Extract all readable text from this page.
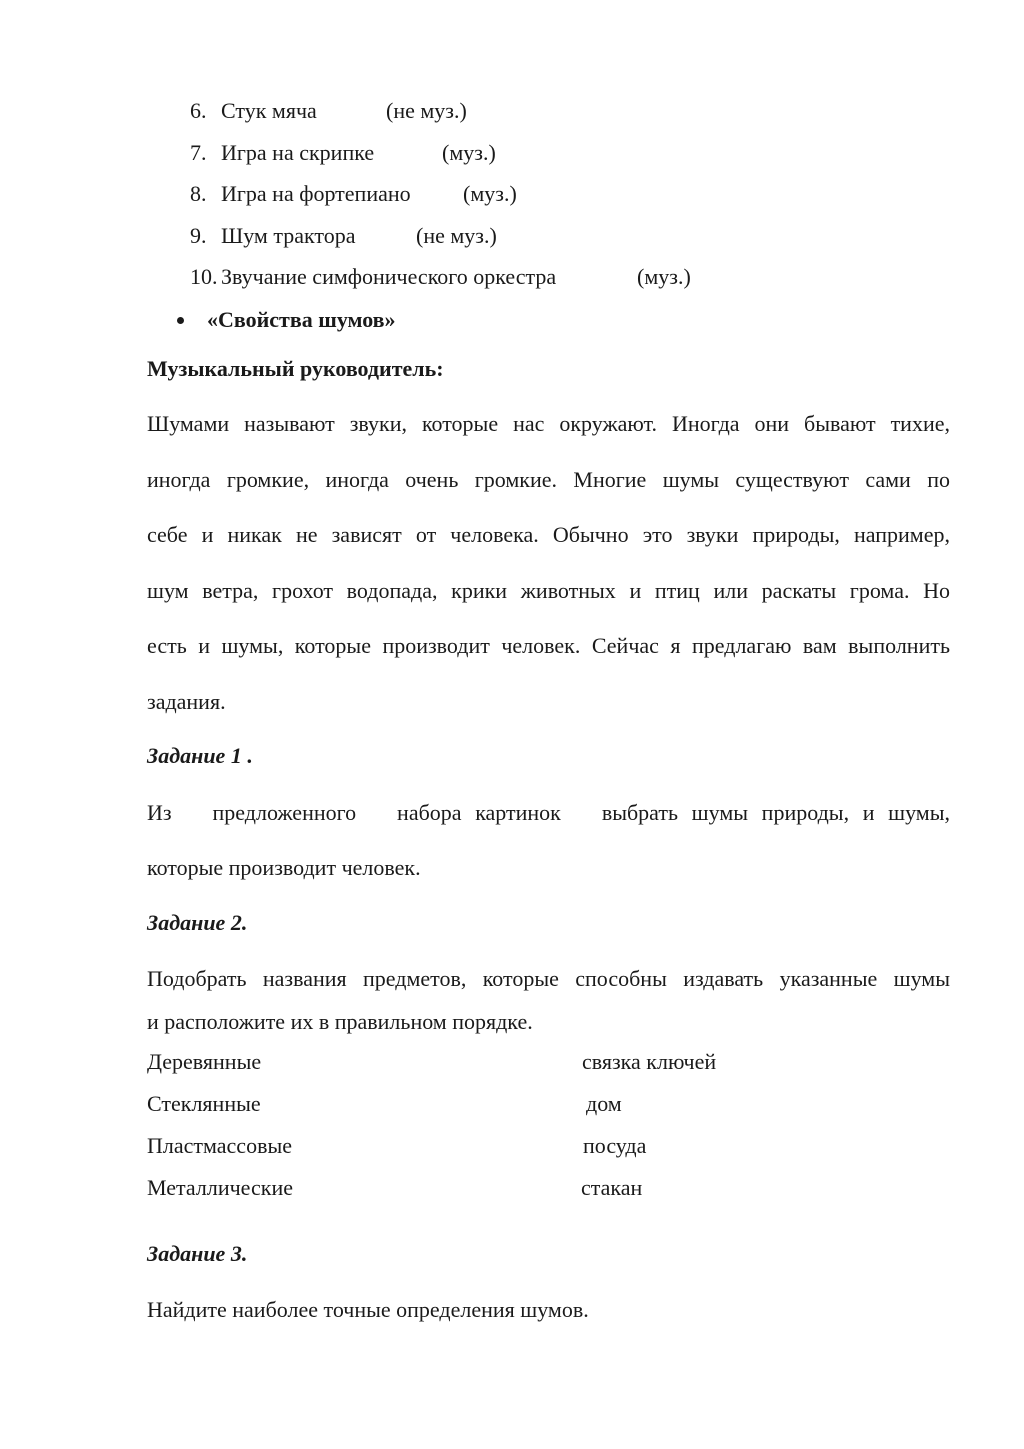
6. Стук мяча	(не муз.)
7. Игра на скрипке	(муз.)
8. Игра на фортепиано (муз.)
9. Шум трактора	(не муз.)
10. Звучание симфонического оркестра	(муз.)
«Свойства шумов»
Музыкальный руководитель:
Шумами называют звуки, которые нас окружают. Иногда они бывают тихие,
иногда громкие, иногда очень громкие. Многие шумы существуют сами по
себе и никак не зависят от человека. Обычно это звуки природы, например,
шум ветра, грохот водопада, крики животных и птиц или раскаты грома. Но
есть и шумы, которые производит человек. Сейчас я предлагаю вам выполнить
задания.
Задание 1 .
Из   предложенного   набора картинок   выбрать шумы природы, и шумы,
которые производит человек.
Задание 2.
Подобрать названия предметов, которые способны издавать указанные шумы
и расположите их в правильном порядке.
Деревянные	связка ключей
Стеклянные	дом
Пластмассовые	посуда
Металлические	стакан
Задание 3.
Найдите наиболее точные определения шумов.
